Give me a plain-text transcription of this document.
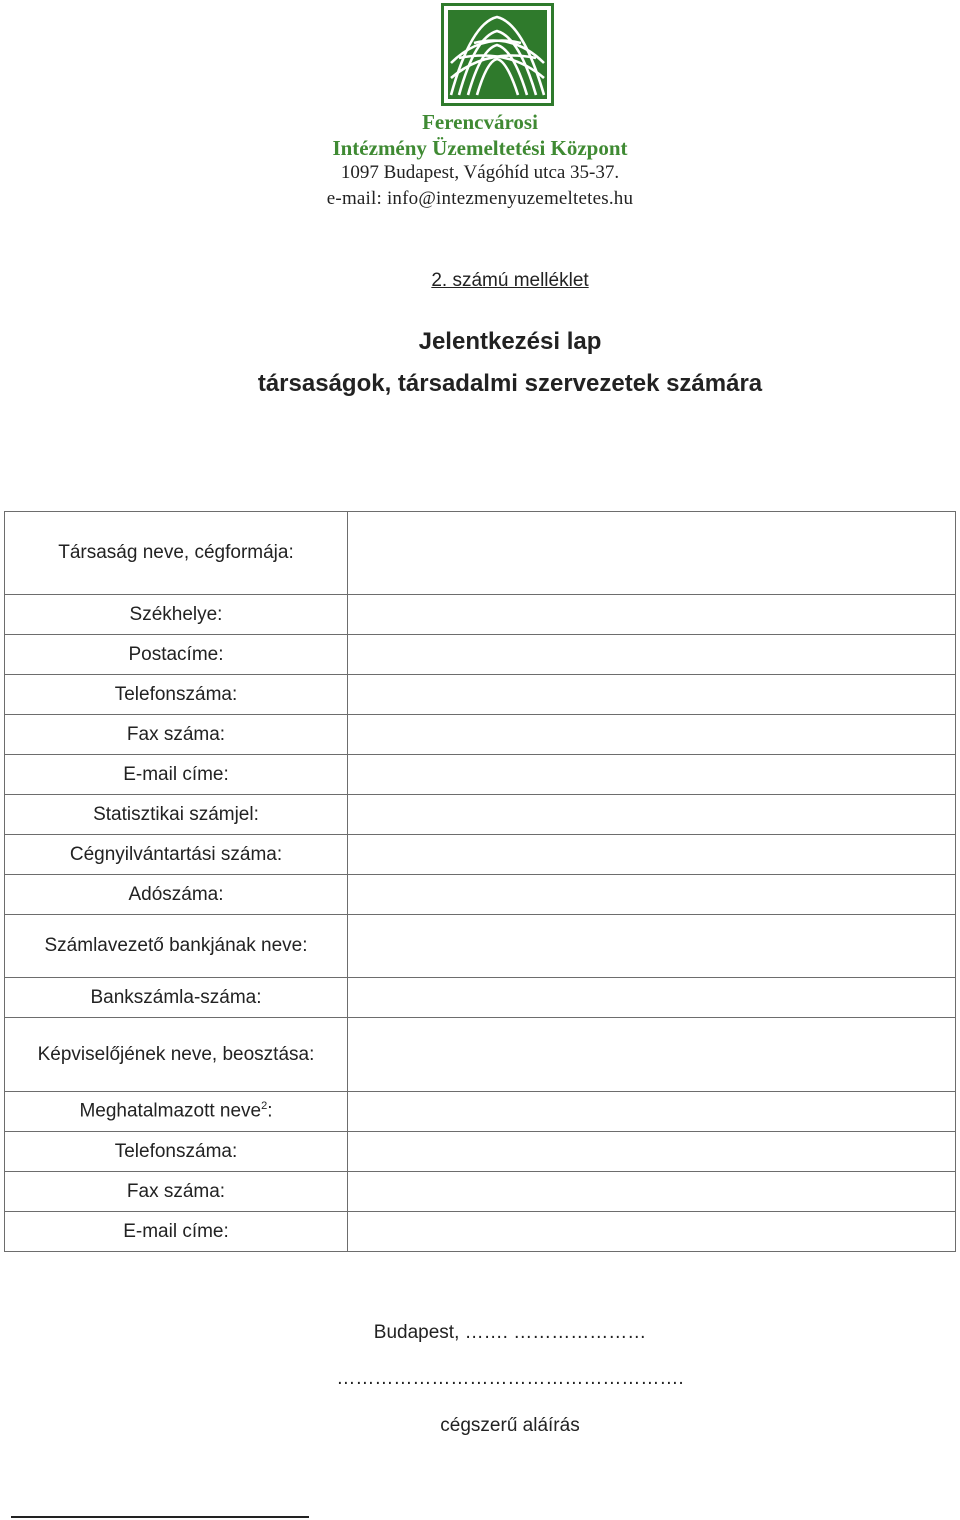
Ferencvárosi
Intézmény Üzemeltetési Központ
1097 Budapest, Vágóhíd utca 35-37.
e-mail: info@intezmenyuzemeltetes.hu
2. számú melléklet
Jelentkezési lap
társaságok, társadalmi szervezetek számára
Társaság neve, cégformája:	
Székhelye:	
Postacíme:	
Telefonszáma:	
Fax száma:	
E-mail címe:	
Statisztikai számjel:	
Cégnyilvántartási száma:	
Adószáma:	
Számlavezető bankjának neve:	
Bankszámla-száma:	
Képviselőjének neve, beosztása:	
Meghatalmazott neve$^2$:	
Telefonszáma:	
Fax száma:	
E-mail címe:	
Budapest, ……. …………………
……………………………………………….
cégszerű aláírás
